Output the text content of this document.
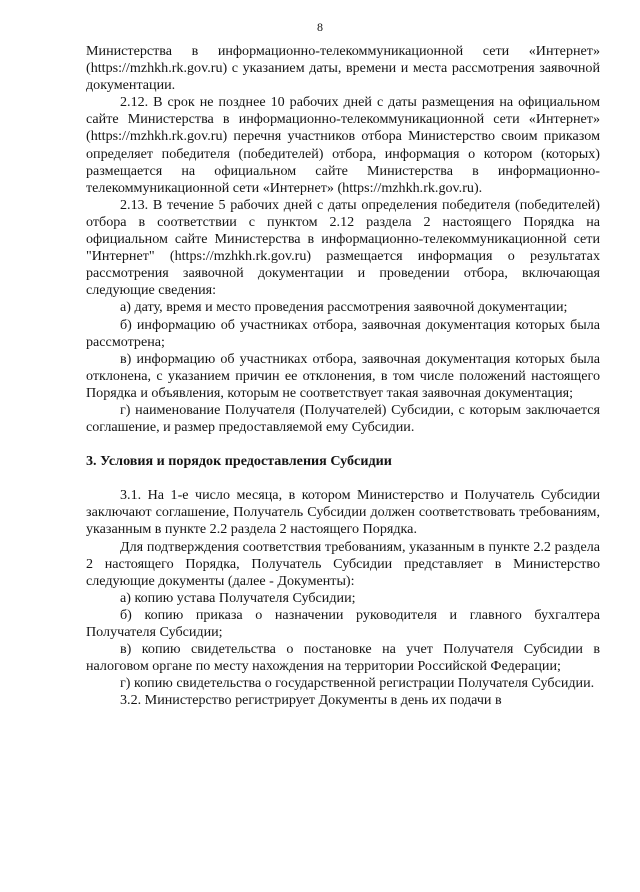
8

Министерства в информационно-телекоммуникационной сети «Интернет» (https://mzhkh.rk.gov.ru) с указанием даты, времени и места рассмотрения заявочной документации.

2.12. В срок не позднее 10 рабочих дней с даты размещения на официальном сайте Министерства в информационно-телекоммуникационной сети «Интернет» (https://mzhkh.rk.gov.ru) перечня участников отбора Министерство своим приказом определяет победителя (победителей) отбора, информация о котором (которых) размещается на официальном сайте Министерства в информационно-телекоммуникационной сети «Интернет» (https://mzhkh.rk.gov.ru).

2.13. В течение 5 рабочих дней с даты определения победителя (победителей) отбора в соответствии с пунктом 2.12 раздела 2 настоящего Порядка на официальном сайте Министерства в информационно-телекоммуникационной сети "Интернет" (https://mzhkh.rk.gov.ru) размещается информация о результатах рассмотрения заявочной документации и проведении отбора, включающая следующие сведения:

а) дату, время и место проведения рассмотрения заявочной документации;

б) информацию об участниках отбора, заявочная документация которых была рассмотрена;

в) информацию об участниках отбора, заявочная документация которых была отклонена, с указанием причин ее отклонения, в том числе положений настоящего Порядка и объявления, которым не соответствует такая заявочная документация;

г) наименование Получателя (Получателей) Субсидии, с которым заключается соглашение, и размер предоставляемой ему Субсидии.

3. Условия и порядок предоставления Субсидии

3.1. На 1-е число месяца, в котором Министерство и Получатель Субсидии заключают соглашение, Получатель Субсидии должен соответствовать требованиям, указанным в пункте 2.2 раздела 2 настоящего Порядка.

Для подтверждения соответствия требованиям, указанным в пункте 2.2 раздела 2 настоящего Порядка, Получатель Субсидии представляет в Министерство следующие документы (далее - Документы):

а) копию устава Получателя Субсидии;

б) копию приказа о назначении руководителя и главного бухгалтера Получателя Субсидии;

в) копию свидетельства о постановке на учет Получателя Субсидии в налоговом органе по месту нахождения на территории Российской Федерации;

г) копию свидетельства о государственной регистрации Получателя Субсидии.

3.2. Министерство регистрирует Документы в день их подачи в
